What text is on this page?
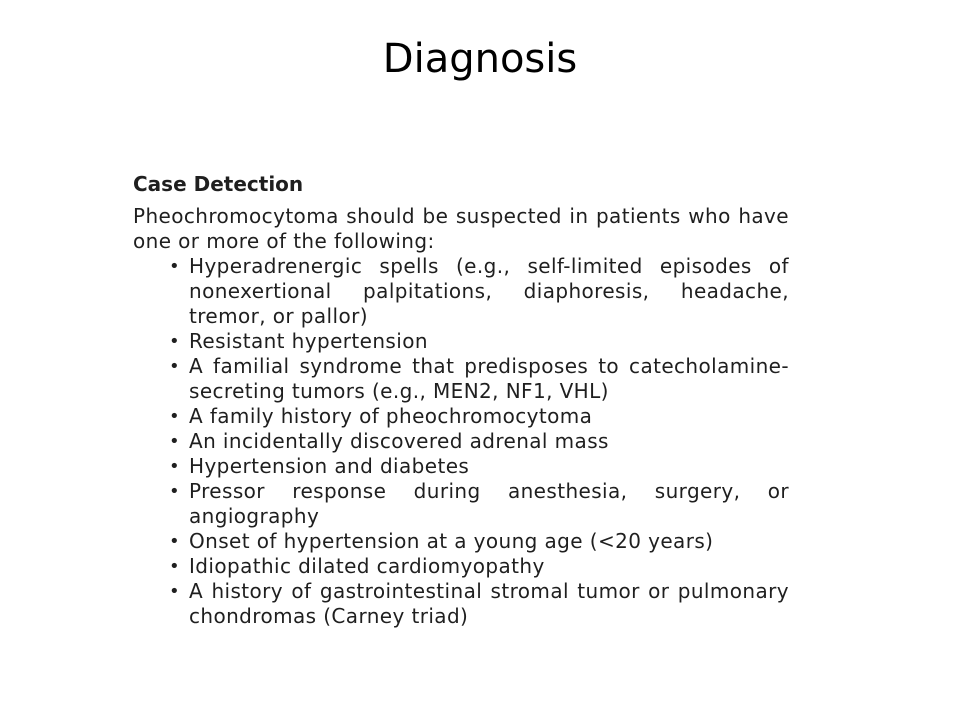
Diagnosis
Case Detection

Pheochromocytoma should be suspected in patients who have one or more of the following:

• Hyperadrenergic spells (e.g., self-limited episodes of nonexertional palpitations, diaphoresis, headache, tremor, or pallor)
• Resistant hypertension
• A familial syndrome that predisposes to catecholamine-secreting tumors (e.g., MEN2, NF1, VHL)
• A family history of pheochromocytoma
• An incidentally discovered adrenal mass
• Hypertension and diabetes
• Pressor response during anesthesia, surgery, or angiography
• Onset of hypertension at a young age (<20 years)
• Idiopathic dilated cardiomyopathy
• A history of gastrointestinal stromal tumor or pulmonary chondromas (Carney triad)
